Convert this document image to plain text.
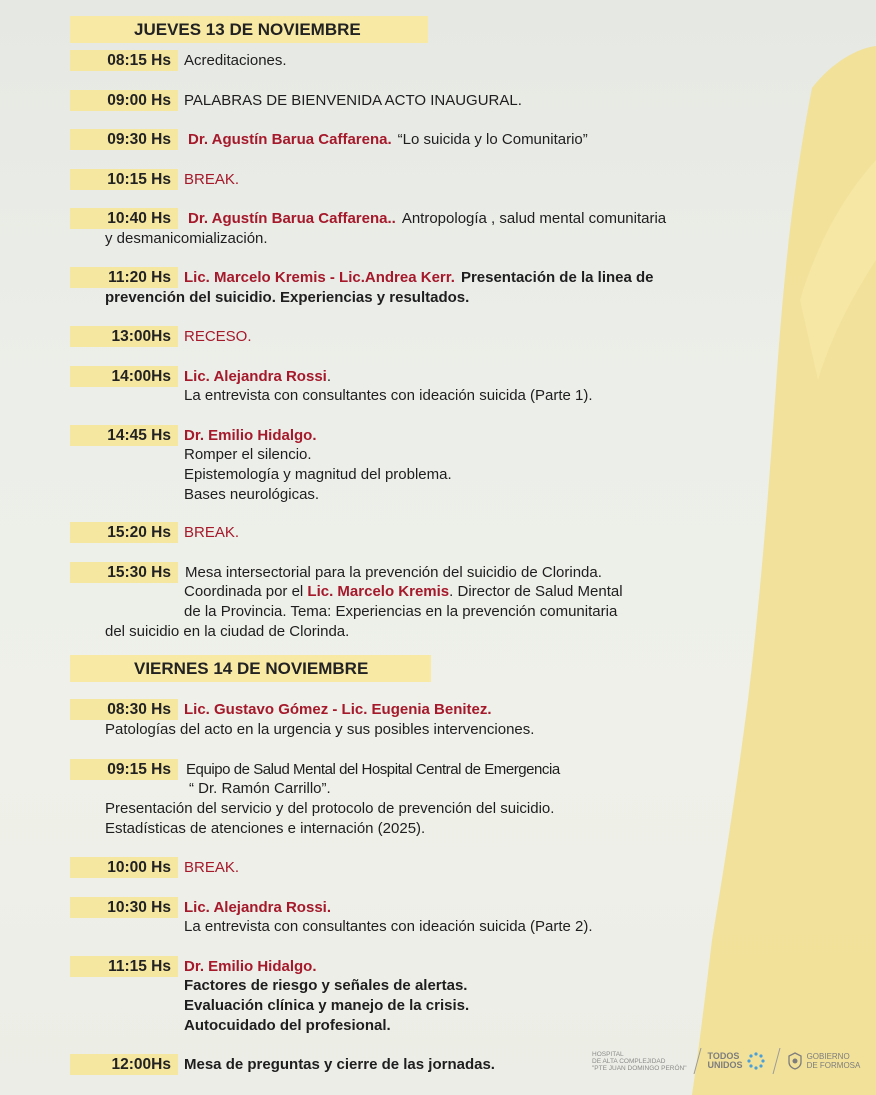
JUEVES 13 DE NOVIEMBRE
08:15 Hs Acreditaciones.
09:00 Hs PALABRAS DE BIENVENIDA ACTO INAUGURAL.
09:30 Hs	Dr. Agustín Barua Caffarena. “Lo suicida y lo Comunitario”
10:15 Hs BREAK.
10:40 Hs	Dr. Agustín Barua Caffarena.. Antropología , salud mental comunitaria
y desmanicomialización.
11:20 Hs Lic. Marcelo Kremis - Lic.Andrea Kerr. Presentación de la linea de
prevención del suicidio. Experiencias y resultados.
13:00Hs RECESO.
14:00Hs Lic. Alejandra Rossi.
La entrevista con consultantes con ideación suicida (Parte 1).
14:45 Hs Dr. Emilio Hidalgo.
Romper el silencio.
Epistemología y magnitud del problema.
Bases neurológicas.
15:20 Hs BREAK.
15:30 Hs Mesa intersectorial para la prevención del suicidio de Clorinda.
Coordinada por el Lic. Marcelo Kremis. Director de Salud Mental
de la Provincia. Tema: Experiencias en la prevención comunitaria
del suicidio en la ciudad de Clorinda.
VIERNES 14 DE NOVIEMBRE
08:30 Hs Lic. Gustavo Gómez - Lic. Eugenia Benitez.
Patologías del acto en la urgencia y sus posibles intervenciones.
09:15 Hs	Equipo de Salud Mental del Hospital Central de Emergencia
“ Dr. Ramón Carrillo”.
Presentación del servicio y del protocolo de prevención del suicidio.
Estadísticas de atenciones e internación (2025).
10:00 Hs BREAK.
10:30 Hs Lic. Alejandra Rossi.
La entrevista con consultantes con ideación suicida (Parte 2).
11:15 Hs Dr. Emilio Hidalgo.
Factores de riesgo y señales de alertas.
Evaluación clínica y manejo de la crisis.
Autocuidado del profesional.
12:00Hs Mesa de preguntas y cierre de las jornadas.
HOSPITAL
DE ALTA COMPLEJIDAD
"PTE JUAN DOMINGO PERÓN"
TODOS
UNIDOS
GOBIERNO
DE FORMOSA
